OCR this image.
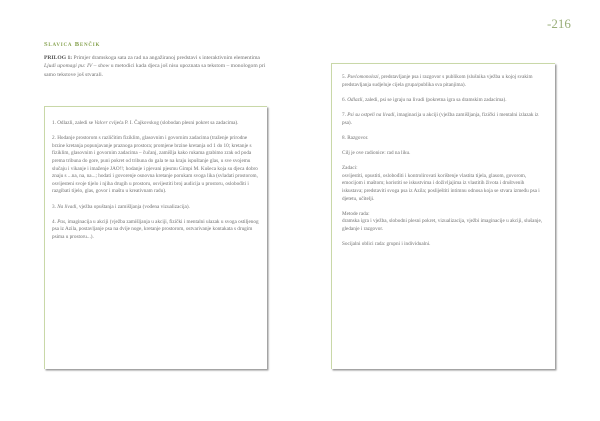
-216
Slavica Benčik
PRILOG 1: Primjer dramskoga sata za rad na angažiranoj predstavi s interaktivnim elementima Ljudi upomagi pu: IV – show u metodici kada djeca još nisu upoznata sa tekstom – monologom pri samo tekstove još stvarali.
1. Odlazli, zaledi se Valcer cvijeća P. I. Čajkovskog (slobodan plesni pokret sa zadacima).
2. Hodanje prostorom s različitim fiziklim, glasovnim i govornim zadacima (traženje prirodne brzine kretanja popunjavanje praznoga prostora; promjene brzine kretanja od 1 do 10; kretanje s fiziklim, glasovnim i govornim zadacima – čučanj, zamišlja kako rukama grabimo zrak od poda prema tribuna do gore, puni pokret od tribuna do gala te na kraju ispuštanje glas, u sve svojemu slučaju i vikanje i imaženje JAO!!; hodanje i pjevani pjesmu Gimpi M. Kušeca koja su djeca dobro znaju s ...na, na, na...; hodati i govorenje osnovna kretanje porukam svoga lika (svladati prostorom, osvijesteni svoje tijelo i njiha drugih u prostoru, osvijestiti broj audicija u prostoru, oslobođiti i razgibati tijelo, glas, govor i maštu u kreativnam radu).
3. Na livadi, vježba opuštanja i zamišljanja (vođena vizualizacija).
4. Pas, imaginacija u akciji (vježba zamišljanja u akciji, fizički i mentalni ulazak u svoga ostiljenog psa iz Azila, postavljanje psa na dvije noge, kretanje prostorom, ostvarivanje kontakata s drugim psima u prostoru...).
5. Psećomonolozi, predstavljanje psa i razgovor s publikom (slušnika vježba u kojoj svakim predstavljanja sudjeluje cijela grupa/publika sva pitanjima).
6. Odlazli, zaledi, psi se igraju na livadi (pokretna igra sa dramskim zadacima).
7. Psi su ostpeli na livadi, imaginacija u akciji (vježba zamišljanja, fizički i mentalni izlazak iz psa).
8. Razgovor.
Cilj je ove radionice: rad na liku.
Zadaci:
osvijestiti, opustiti, oslobođiti i kontrolirovati korištenje vlastita tijela, glasom, govorom, emocijom i maštom; koristiti se iskustvima i doživljajima iz vlastitih života i društvenih iskustava; predstaviti svoga psa iz Azila; posliještiti intimnu odnosa koja se stvara između psa i djetetu, učitelji.
Metode rada:
dramska igra i vježba, slobodni plesni pokret, vizualizacija, vježbi imaginacije u akciji, slušanje, gledanje i razgovor.
Socijalni oblici rada: grupni i individualni.
